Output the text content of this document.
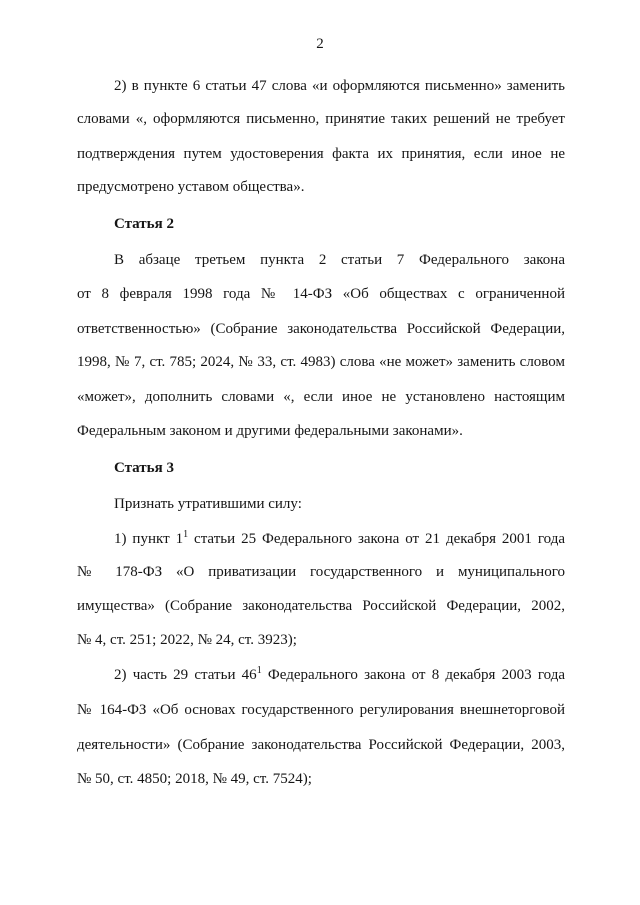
2
2) в пункте 6 статьи 47 слова «и оформляются письменно» заменить
словами «, оформляются письменно, принятие таких решений не требует
подтверждения путем удостоверения факта их принятия, если иное не
предусмотрено уставом общества».
Статья 2
В абзаце третьем пункта 2 статьи 7 Федерального закона
от 8 февраля 1998 года № 14-ФЗ «Об обществах с ограниченной
ответственностью» (Собрание законодательства Российской Федерации,
1998, № 7, ст. 785; 2024, № 33, ст. 4983) слова «не может» заменить словом
«может», дополнить словами «, если иное не установлено настоящим
Федеральным законом и другими федеральными законами».
Статья 3
Признать утратившими силу:
1) пункт $1^1$ статьи 25 Федерального закона от 21 декабря 2001 года
№ 178-ФЗ «О приватизации государственного и муниципального
имущества» (Собрание законодательства Российской Федерации, 2002,
№ 4, ст. 251; 2022, № 24, ст. 3923);
2) часть 29 статьи $46^1$ Федерального закона от 8 декабря 2003 года
№ 164-ФЗ «Об основах государственного регулирования внешнеторговой
деятельности» (Собрание законодательства Российской Федерации, 2003,
№ 50, ст. 4850; 2018, № 49, ст. 7524);
